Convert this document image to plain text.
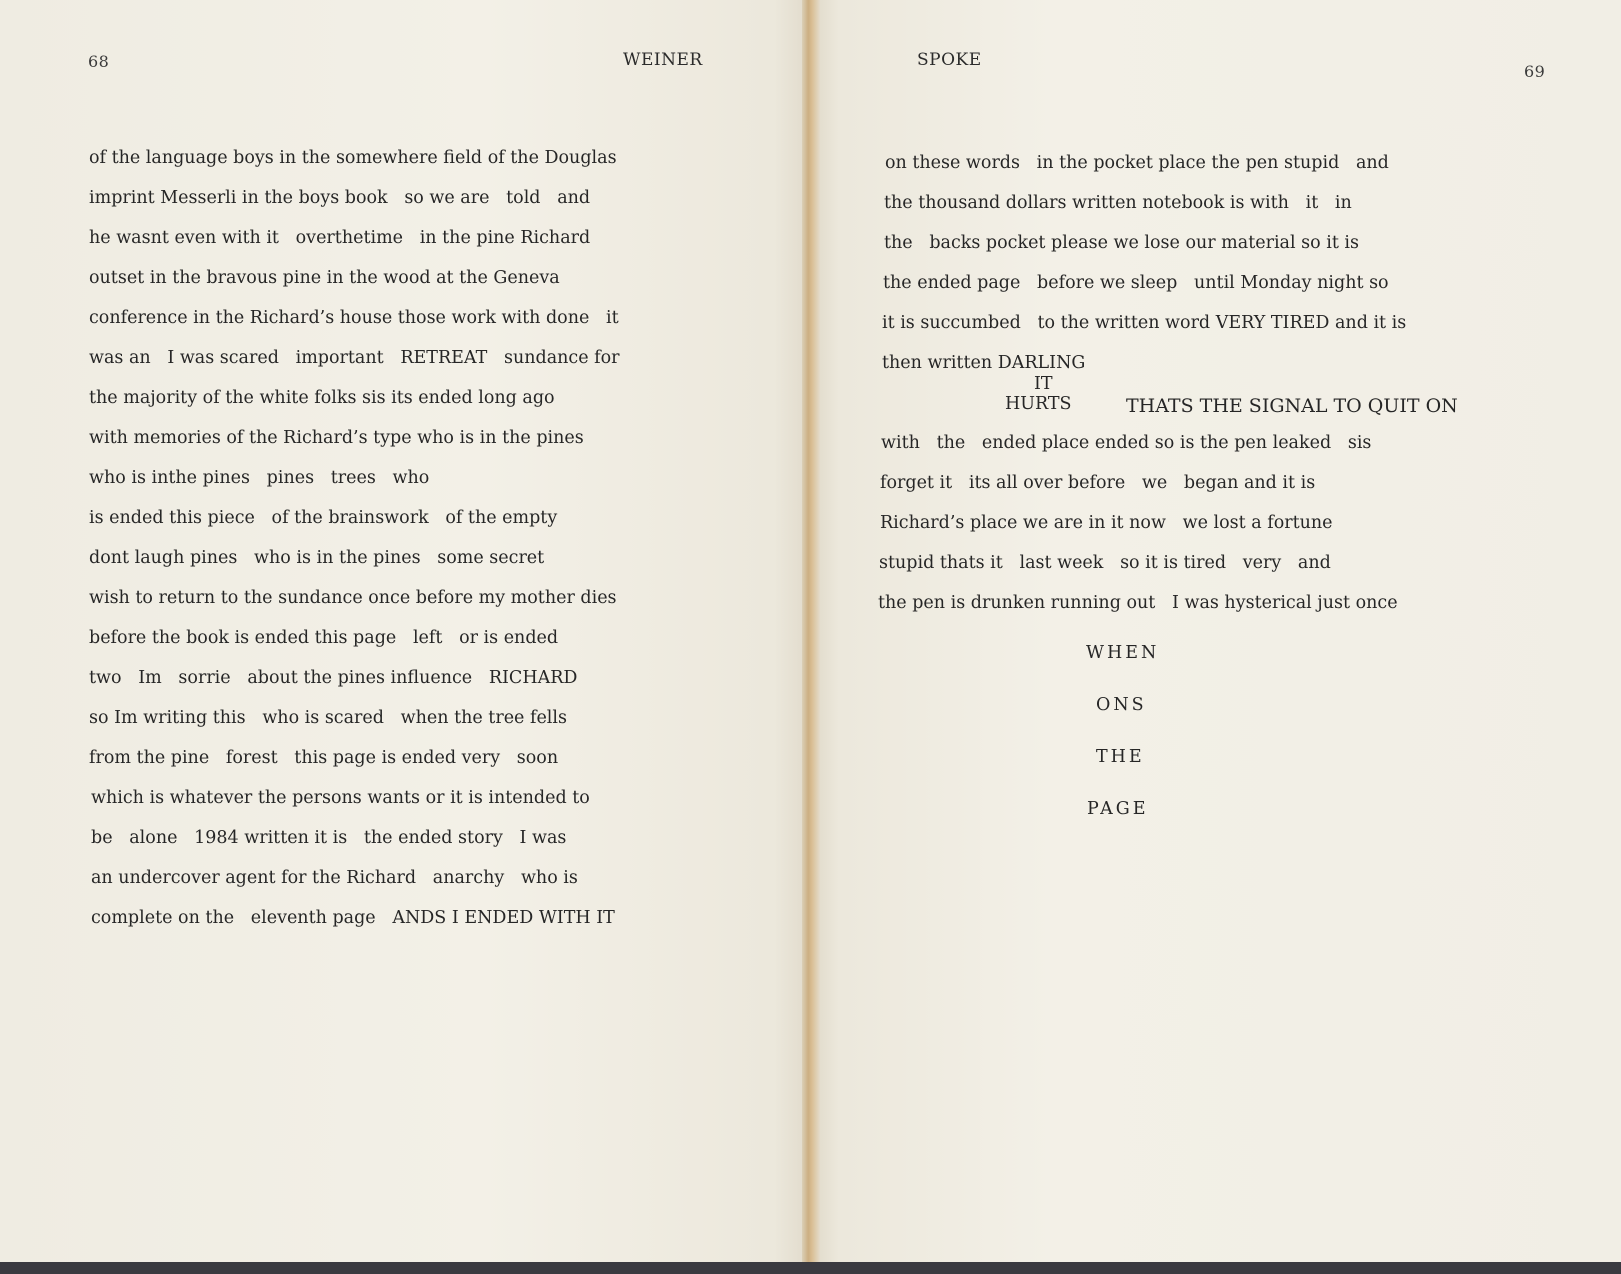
68	WEINER
of the language boys in the somewhere field of the Douglas
imprint Messerli in the boys book   so we are   told   and
he wasnt even with it   overthetime   in the pine Richard
outset in the bravous pine in the wood at the Geneva
conference in the Richard’s house those work with done   it
was an   I was scared   important   RETREAT   sundance for
the majority of the white folks sis its ended long ago
with memories of the Richard’s type who is in the pines
who is inthe pines   pines   trees   who
is ended this piece   of the brainswork   of the empty
dont laugh pines   who is in the pines   some secret
wish to return to the sundance once before my mother dies
before the book is ended this page   left   or is ended
two   Im   sorrie   about the pines influence   RICHARD
so Im writing this   who is scared   when the tree fells
from the pine   forest   this page is ended very   soon
which is whatever the persons wants or it is intended to
be   alone   1984 written it is   the ended story   I was
an undercover agent for the Richard   anarchy   who is
complete on the   eleventh page   ANDS I ENDED WITH IT
SPOKE
69
on these words   in the pocket place the pen stupid   and
the thousand dollars written notebook is with   it   in
the   backs pocket please we lose our material so it is
the ended page   before we sleep   until Monday night so
it is succumbed   to the written word VERY TIRED and it is
then written DARLING
IT
HURTS	THATS THE SIGNAL TO QUIT ON
with   the   ended place ended so is the pen leaked   sis
forget it   its all over before   we   began and it is
Richard’s place we are in it now   we lost a fortune
stupid thats it   last week   so it is tired   very   and
the pen is drunken running out   I was hysterical just once
WHEN
ONS
THE
PAGE
